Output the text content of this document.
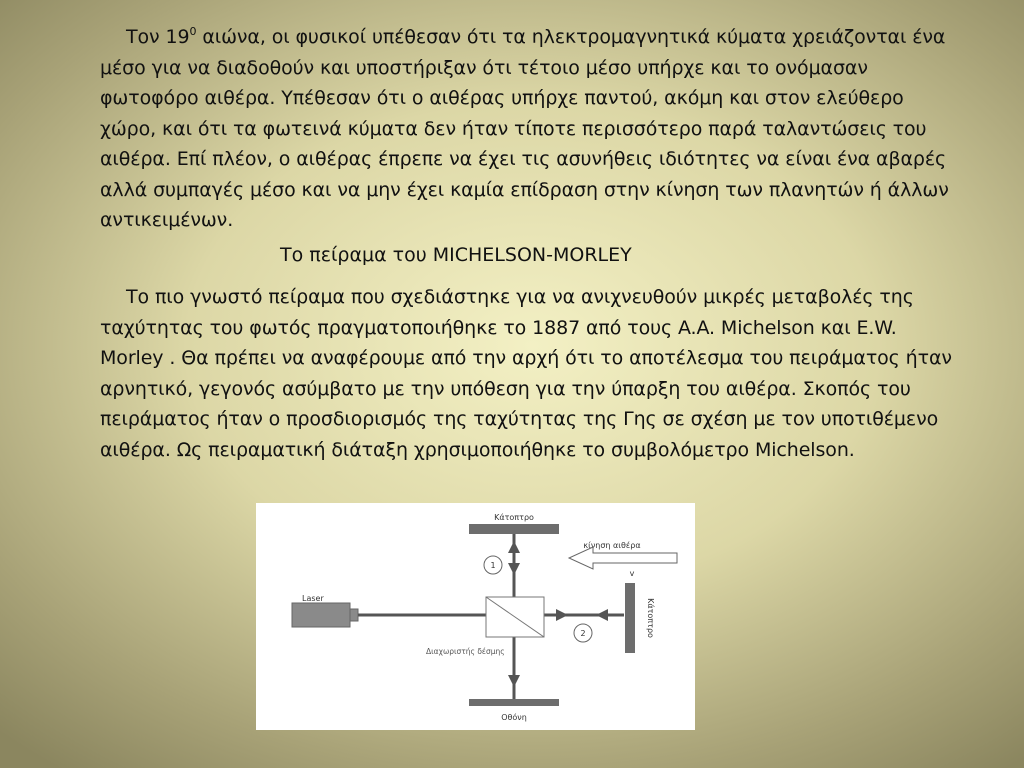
Τον $19^0$ αιώνα, οι φυσικοί υπέθεσαν ότι τα ηλεκτρομαγνητικά κύματα χρειάζονται ένα μέσο για να διαδοθούν και υποστήριξαν ότι τέτοιο μέσο υπήρχε και το ονόμασαν φωτοφόρο αιθέρα. Υπέθεσαν ότι ο αιθέρας υπήρχε παντού, ακόμη και στον ελεύθερο χώρο, και ότι τα φωτεινά κύματα δεν ήταν τίποτε περισσότερο παρά ταλαντώσεις του αιθέρα. Επί πλέον, ο αιθέρας έπρεπε να έχει τις ασυνήθεις ιδιότητες να είναι ένα αβαρές αλλά συμπαγές μέσο και να μην έχει καμία επίδραση στην κίνηση των πλανητών ή άλλων αντικειμένων.

Το πείραμα του MICHELSON-MORLEY

Το πιο γνωστό πείραμα που σχεδιάστηκε για να ανιχνευθούν μικρές μεταβολές της ταχύτητας του φωτός πραγματοποιήθηκε το 1887 από τους A.A. Michelson και E.W. Morley . Θα πρέπει να αναφέρουμε από την αρχή ότι το αποτέλεσμα του πειράματος ήταν αρνητικό, γεγονός ασύμβατο με την υπόθεση για την ύπαρξη του αιθέρα. Σκοπός του πειράματος ήταν ο προσδιορισμός της ταχύτητας της Γης σε σχέση με τον υποτιθέμενο αιθέρα. Ως πειραματική διάταξη χρησιμοποιήθηκε το συμβολόμετρο Michelson.

Κάτοπτρο
1
Laser
Διαχωριστής δέσμης
2	Κάτοπτρο
κίνηση αιθέρα
v
Οθόνη
